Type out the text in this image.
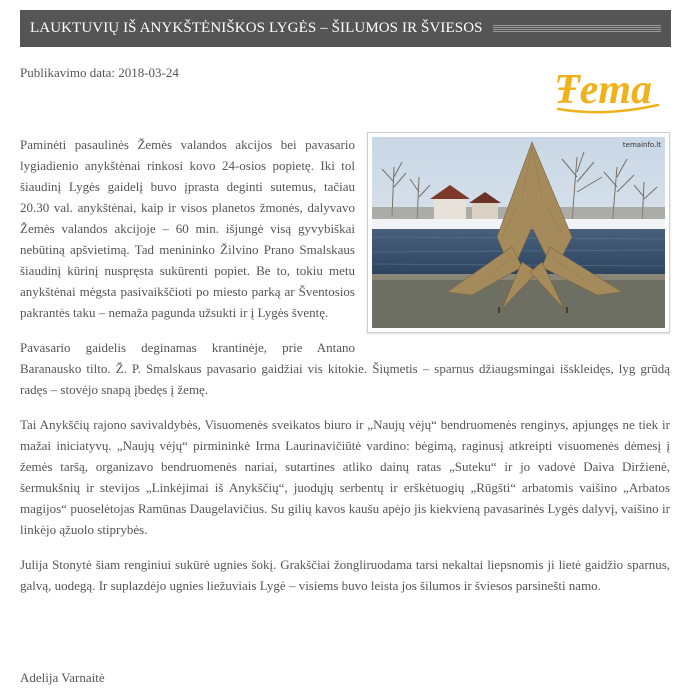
LAUKTUVIŲ IŠ ANYKŠTĖNIŠKOS LYGĖS – ŠILUMOS IR ŠVIESOS
Publikavimo data: 2018-03-24	Ŧema
temainfo.lt

Paminėti pasaulinės Žemės valandos akcijos bei pavasario lygiadienio anykštėnai rinkosi kovo 24-osios popietę. Iki tol šiaudinį Lygės gaidelį buvo įprasta deginti sutemus, tačiau 20.30 val. anykštėnai, kaip ir visos planetos žmonės, dalyvavo Žemės valandos akcijoje – 60 min. išjungė visą gyvybiškai nebūtiną apšvietimą. Tad menininko Žilvino Prano Smalskaus šiaudinį kūrinį nuspręsta sukūrenti popiet. Be to, tokiu metu anykštėnai mėgsta pasivaikščioti po miesto parką ar Šventosios pakrantės taku – nemaža pagunda užsukti ir į Lygės šventę.

Pavasario gaidelis deginamas krantinėje, prie Antano Baranausko tilto. Ž. P. Smalskaus pavasario gaidžiai vis kitokie. Šiųmetis – sparnus džiaugsmingai išskleidęs, lyg grūdą radęs – stovėjo snapą įbedęs į žemę.

Tai Anykščių rajono savivaldybės, Visuomenės sveikatos biuro ir „Naujų vėjų“ bendruomenės renginys, apjungęs ne tiek ir mažai iniciatyvų. „Naujų vėjų“ pirmininkė Irma Laurinavičiūtė vardino: bėgimą, raginusį atkreipti visuomenės dėmesį į žemės taršą, organizavo bendruomenės nariai, sutartines atliko dainų ratas „Suteku“ ir jo vadovė Daiva Diržienė, šermukšnių ir stevijos „Linkėjimai iš Anykščių“, juodųjų serbentų ir erškėtuogių „Rūgšti“ arbatomis vaišino „Arbatos magijos“ puoselėtojas Ramūnas Daugelavičius. Su gilių kavos kaušu apėjo jis kiekvieną pavasarinės Lygės dalyvį, vaišino ir linkėjo ąžuolo stiprybės.

Julija Stonytė šiam renginiui sukūrė ugnies šokį. Grakščiai žongliruodama tarsi nekaltai liepsnomis ji lietė gaidžio sparnus, galvą, uodegą. Ir suplazdėjo ugnies liežuviais Lygė – visiems buvo leista jos šilumos ir šviesos parsinešti namo.

Adelija Varnaitė
